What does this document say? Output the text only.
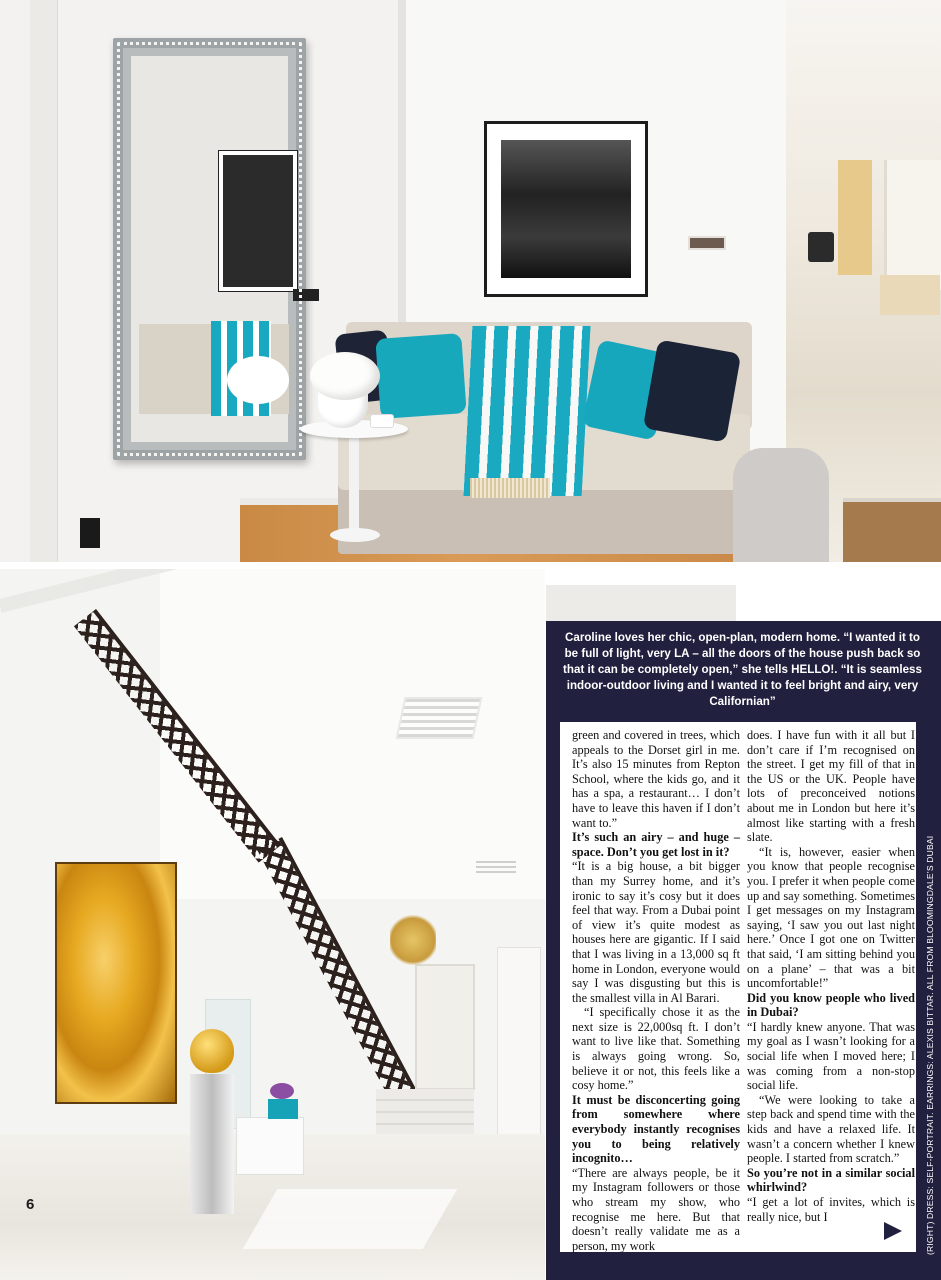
6
Caroline loves her chic, open-plan, modern home. “I wanted it to be full of light, very LA – all the doors of the house push back so that it can be completely open,” she tells HELLO!. “It is seamless indoor-outdoor living and I wanted it to feel bright and airy, very Californian”

green and covered in trees, which appeals to the Dorset girl in me. It’s also 15 minutes from Repton School, where the kids go, and it has a spa, a restaurant… I don’t have to leave this haven if I don’t want to.”

It’s such an airy – and huge – space. Don’t you get lost in it?

“It is a big house, a bit bigger than my Surrey home, and it’s ironic to say it’s cosy but it does feel that way. From a Dubai point of view it’s quite modest as houses here are gigantic. If I said that I was living in a 13,000 sq ft home in London, everyone would say I was disgusting but this is the smallest villa in Al Barari.

“I specifically chose it as the next size is 22,000sq ft. I don’t want to live like that. Something is always going wrong. So, believe it or not, this feels like a cosy home.”

It must be disconcerting going from somewhere where everybody instantly recognises you to being relatively incognito…

“There are always people, be it my Instagram followers or those who stream my show, who recognise me here. But that doesn’t really validate me as a person, my work

does. I have fun with it all but I don’t care if I’m recognised on the street. I get my fill of that in the US or the UK. People have lots of preconceived notions about me in London but here it’s almost like starting with a fresh slate.

“It is, however, easier when you know that people recognise you. I prefer it when people come up and say something. Sometimes I get messages on my Instagram saying, ‘I saw you out last night here.’ Once I got one on Twitter that said, ‘I am sitting behind you on a plane’ – that was a bit uncomfortable!”

Did you know people who lived in Dubai?

“I hardly knew anyone. That was my goal as I wasn’t looking for a social life when I moved here; I was coming from a non-stop social life.

“We were looking to take a step back and spend time with the kids and have a relaxed life. It wasn’t a concern whether I knew people. I started from scratch.”

So you’re not in a similar social whirlwind?

“I get a lot of invites, which is really nice, but I	(RIGHT) DRESS: SELF-PORTRAIT. EARRINGS: ALEXIS BITTAR. ALL FROM BLOOMINGDALE’S DUBAI
